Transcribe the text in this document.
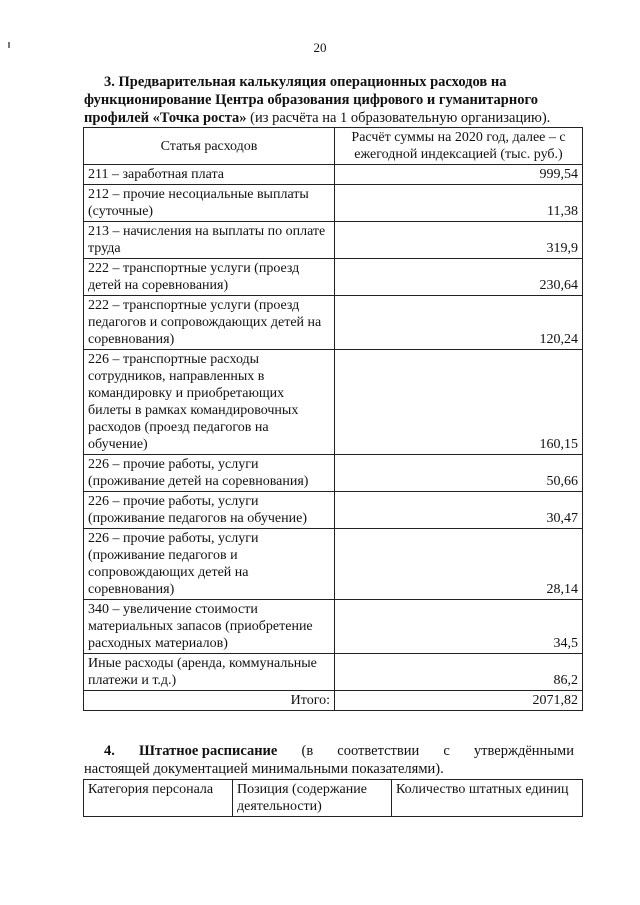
20
3. Предварительная калькуляция операционных расходов на
функционирование Центра образования цифрового и гуманитарного
профилей «Точка роста» (из расчёта на 1 образовательную организацию).
Статья расходов	Расчёт суммы на 2020 год, далее – с ежегодной индексацией (тыс. руб.)
211 – заработная плата	999,54
212 – прочие несоциальные выплаты (суточные)	11,38
213 – начисления на выплаты по оплате труда	319,9
222 – транспортные услуги (проезд детей на соревнования)	230,64
222 – транспортные услуги (проезд педагогов и сопровождающих детей на соревнования)	120,24
226 – транспортные расходы сотрудников, направленных в командировку и приобретающих билеты в рамках командировочных расходов (проезд педагогов на обучение)	160,15
226 – прочие работы, услуги (проживание детей на соревнования)	50,66
226 – прочие работы, услуги (проживание педагогов на обучение)	30,47
226 – прочие работы, услуги (проживание педагогов и сопровождающих детей на соревнования)	28,14
340 – увеличение стоимости материальных запасов (приобретение расходных материалов)	34,5
Иные расходы (аренда, коммунальные платежи и т.д.)	86,2
Итого:	2071,82
4. Штатное расписание (в соответствии с утверждёнными
настоящей документацией минимальными показателями).
Категория персонала	Позиция (содержание деятельности)	Количество штатных единиц
